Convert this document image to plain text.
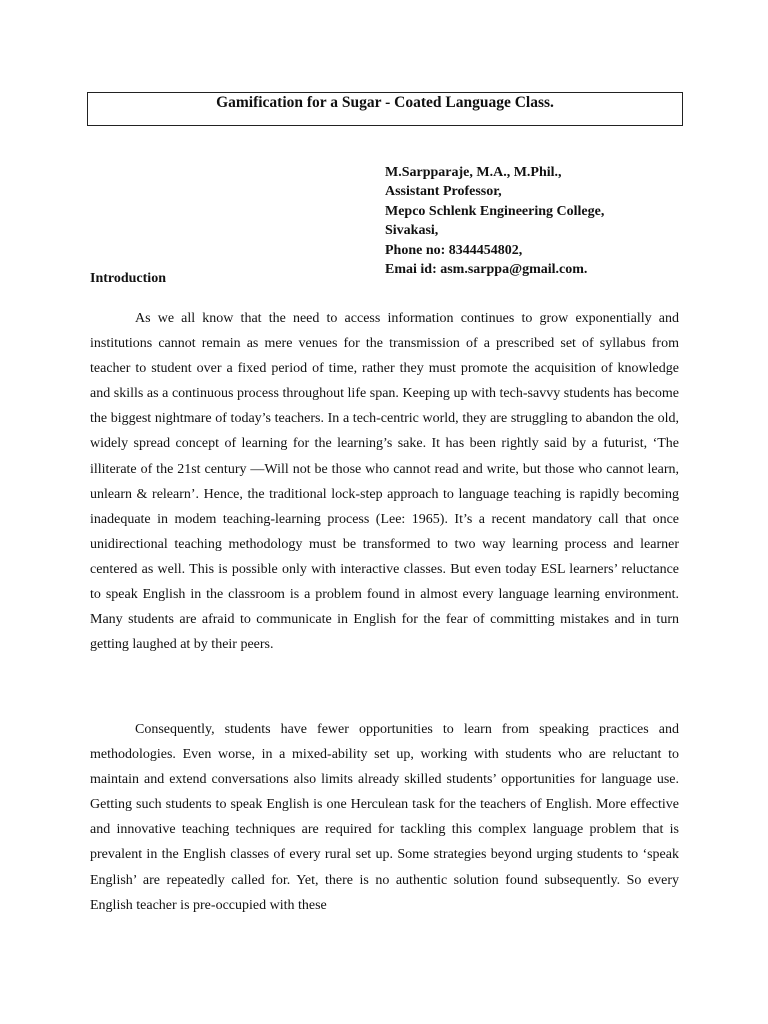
Gamification for a Sugar - Coated Language Class.
M.Sarpparaje, M.A., M.Phil.,
Assistant Professor,
Mepco Schlenk Engineering College,
Sivakasi,
Phone no: 8344454802,
Emai id: asm.sarppa@gmail.com.
Introduction

As we all know that the need to access information continues to grow exponentially and institutions cannot remain as mere venues for the transmission of a prescribed set of syllabus from teacher to student over a fixed period of time, rather they must promote the acquisition of knowledge and skills as a continuous process throughout life span. Keeping up with tech-savvy students has become the biggest nightmare of today’s teachers. In a tech-centric world, they are struggling to abandon the old, widely spread concept of learning for the learning’s sake. It has been rightly said by a futurist, ‘The illiterate of the 21st century —Will not be those who cannot read and write, but those who cannot learn, unlearn & relearn’. Hence, the traditional lock-step approach to language teaching is rapidly becoming inadequate in modem teaching-learning process (Lee: 1965). It’s a recent mandatory call that once unidirectional teaching methodology must be transformed to two way learning process and learner centered as well. This is possible only with interactive classes. But even today ESL learners’ reluctance to speak English in the classroom is a problem found in almost every language learning environment. Many students are afraid to communicate in English for the fear of committing mistakes and in turn getting laughed at by their peers.

Consequently, students have fewer opportunities to learn from speaking practices and methodologies. Even worse, in a mixed-ability set up, working with students who are reluctant to maintain and extend conversations also limits already skilled students’ opportunities for language use. Getting such students to speak English is one Herculean task for the teachers of English. More effective and innovative teaching techniques are required for tackling this complex language problem that is prevalent in the English classes of every rural set up. Some strategies beyond urging students to ‘speak English’ are repeatedly called for. Yet, there is no authentic solution found subsequently. So every English teacher is pre-occupied with these
